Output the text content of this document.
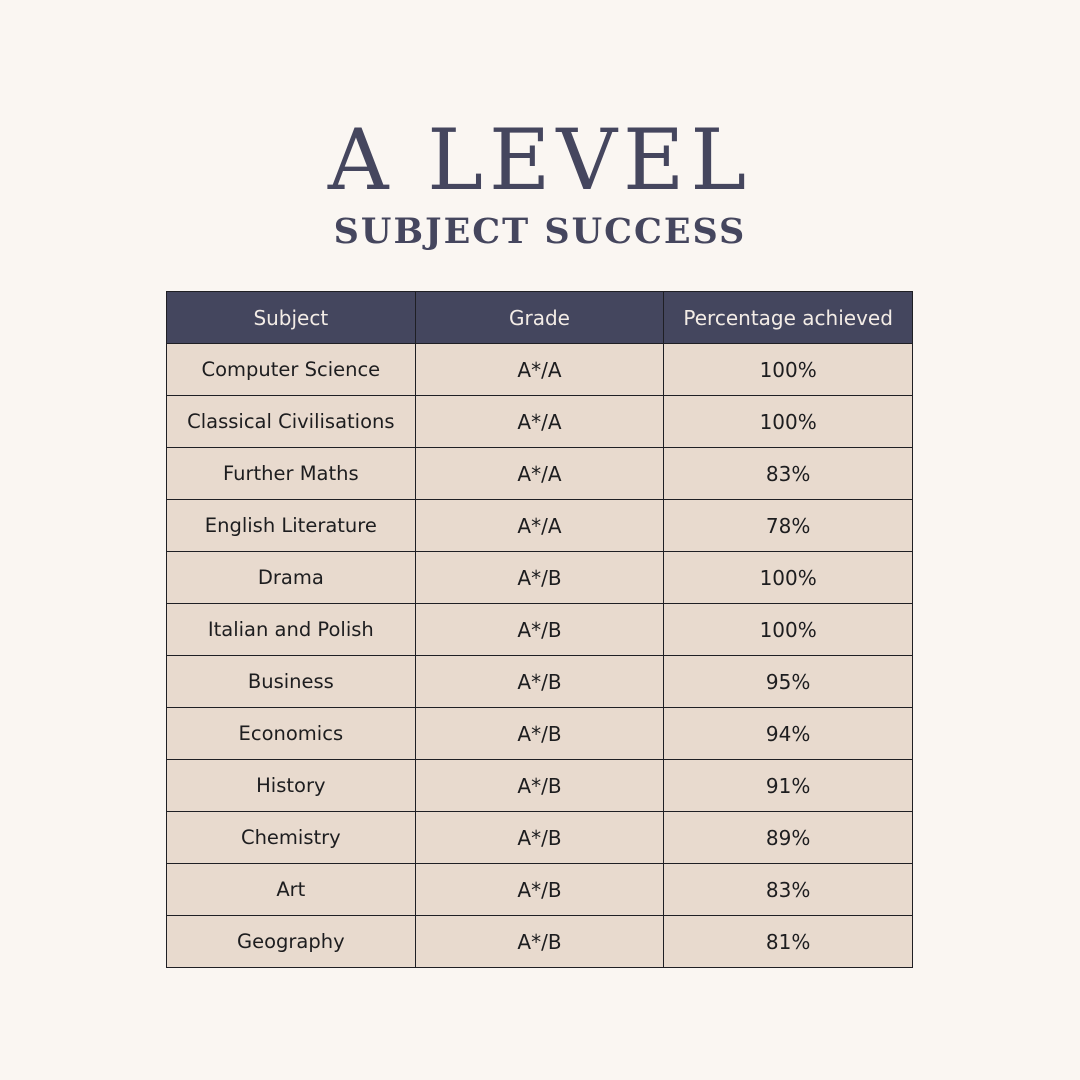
A LEVEL
SUBJECT SUCCESS
Subject	Grade	Percentage achieved
Computer Science	A*/A	100%
Classical Civilisations	A*/A	100%
Further Maths	A*/A	83%
English Literature	A*/A	78%
Drama	A*/B	100%
Italian and Polish	A*/B	100%
Business	A*/B	95%
Economics	A*/B	94%
History	A*/B	91%
Chemistry	A*/B	89%
Art	A*/B	83%
Geography	A*/B	81%
